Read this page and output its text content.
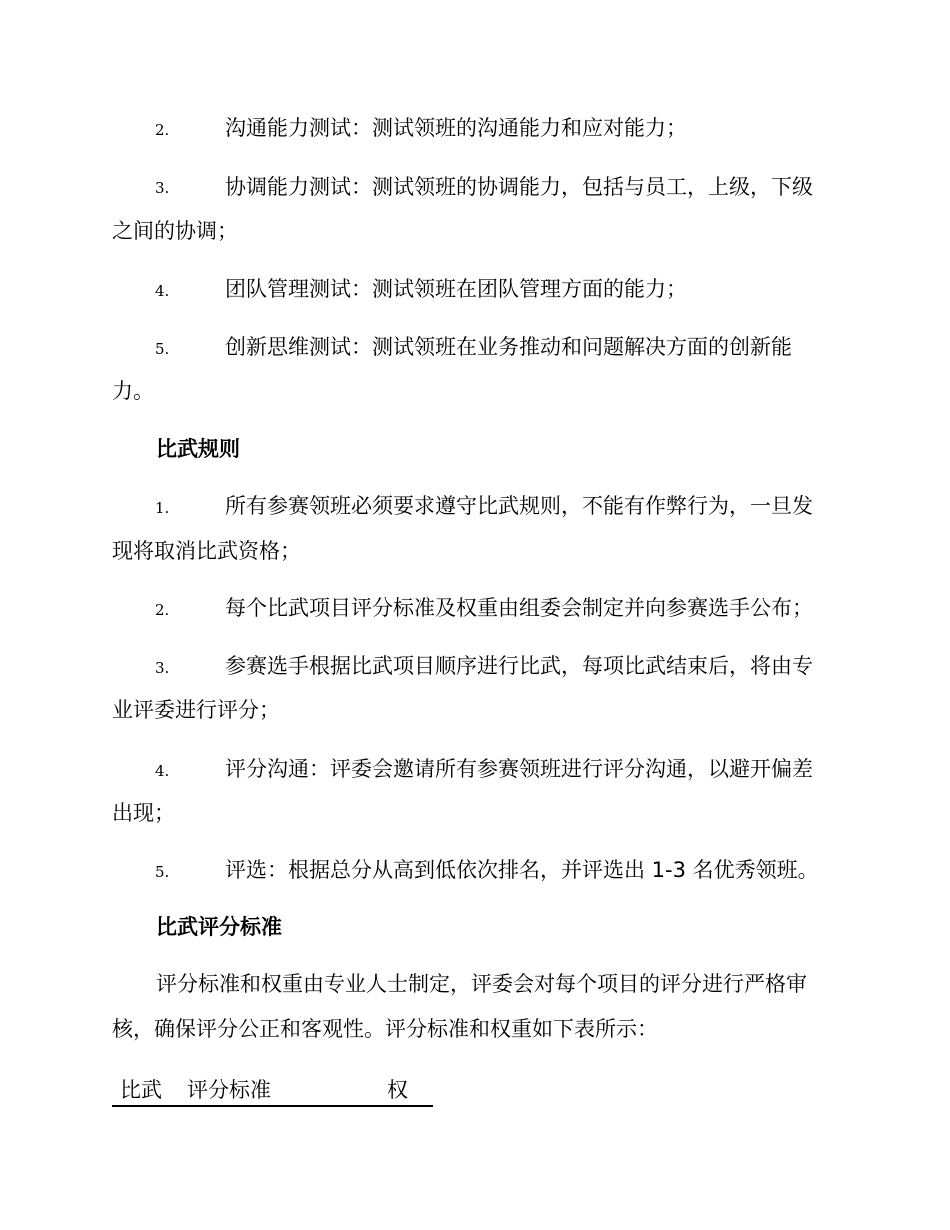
2.	沟通能力测试：测试领班的沟通能力和应对能力；
3.	协调能力测试：测试领班的协调能力，包括与员工，上级，下级
之间的协调；
4.	团队管理测试：测试领班在团队管理方面的能力；
5.	创新思维测试：测试领班在业务推动和问题解决方面的创新能
力。
比武规则
1.	所有参赛领班必须要求遵守比武规则，不能有作弊行为，一旦发
现将取消比武资格；
2.	每个比武项目评分标准及权重由组委会制定并向参赛选手公布；
3.	参赛选手根据比武项目顺序进行比武，每项比武结束后，将由专
业评委进行评分；
4.	评分沟通：评委会邀请所有参赛领班进行评分沟通，以避开偏差
出现；
5.	评选：根据总分从高到低依次排名，并评选出 1-3 名优秀领班。
比武评分标准
评分标准和权重由专业人士制定，评委会对每个项目的评分进行严格审
核，确保评分公正和客观性。评分标准和权重如下表所示：
比武 评分标准	权
